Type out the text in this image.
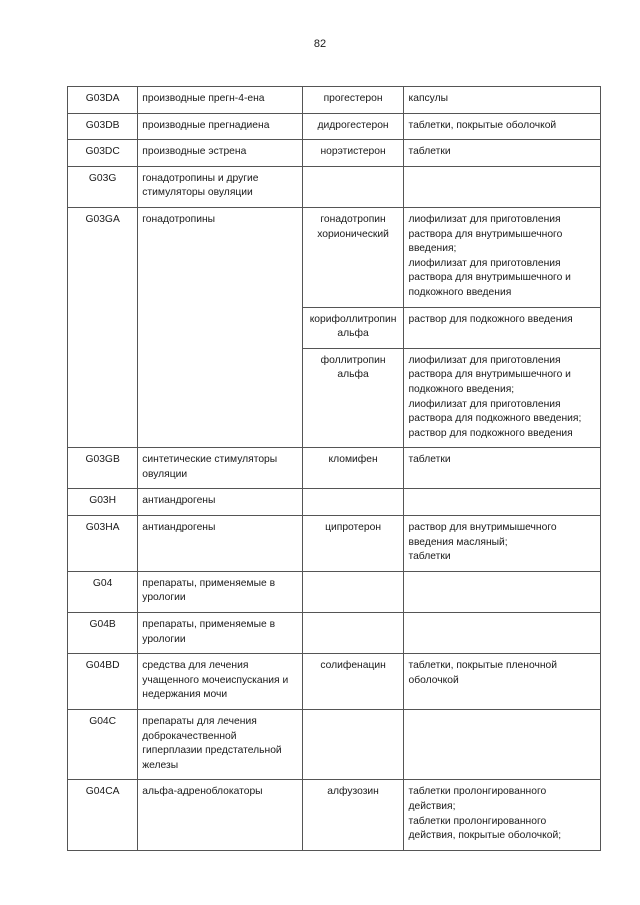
82
G03DA	производные прегн-4-ена	прогестерон	капсулы

G03DB	производные прегнадиена	дидрогестерон	таблетки, покрытые оболочкой

G03DC	производные эстрена	норэтистерон	таблетки

G03G	гонадотропины и другие стимуляторы овуляции		
G03GA	гонадотропины	гонадотропин хорионический	лиофилизат для приготовления раствора для внутримышечного введения;
лиофилизат для приготовления раствора для внутримышечного и подкожного введения

		корифоллитропин альфа	раствор для подкожного введения

		фоллитропин альфа	лиофилизат для приготовления раствора для внутримышечного и подкожного введения;
лиофилизат для приготовления раствора для подкожного введения;
раствор для подкожного введения

G03GB	синтетические стимуляторы овуляции	кломифен	таблетки

G03H	антиандрогены		
G03HA	антиандрогены	ципротерон	раствор для внутримышечного введения масляный;
таблетки

G04	препараты, применяемые в урологии		
G04B	препараты, применяемые в урологии		
G04BD	средства для лечения учащенного мочеиспускания и недержания мочи	солифенацин	таблетки, покрытые пленочной оболочкой

G04C	препараты для лечения доброкачественной гиперплазии предстательной железы		
G04CA	альфа-адреноблокаторы	алфузозин	таблетки пролонгированного действия;
таблетки пролонгированного действия, покрытые оболочкой;
